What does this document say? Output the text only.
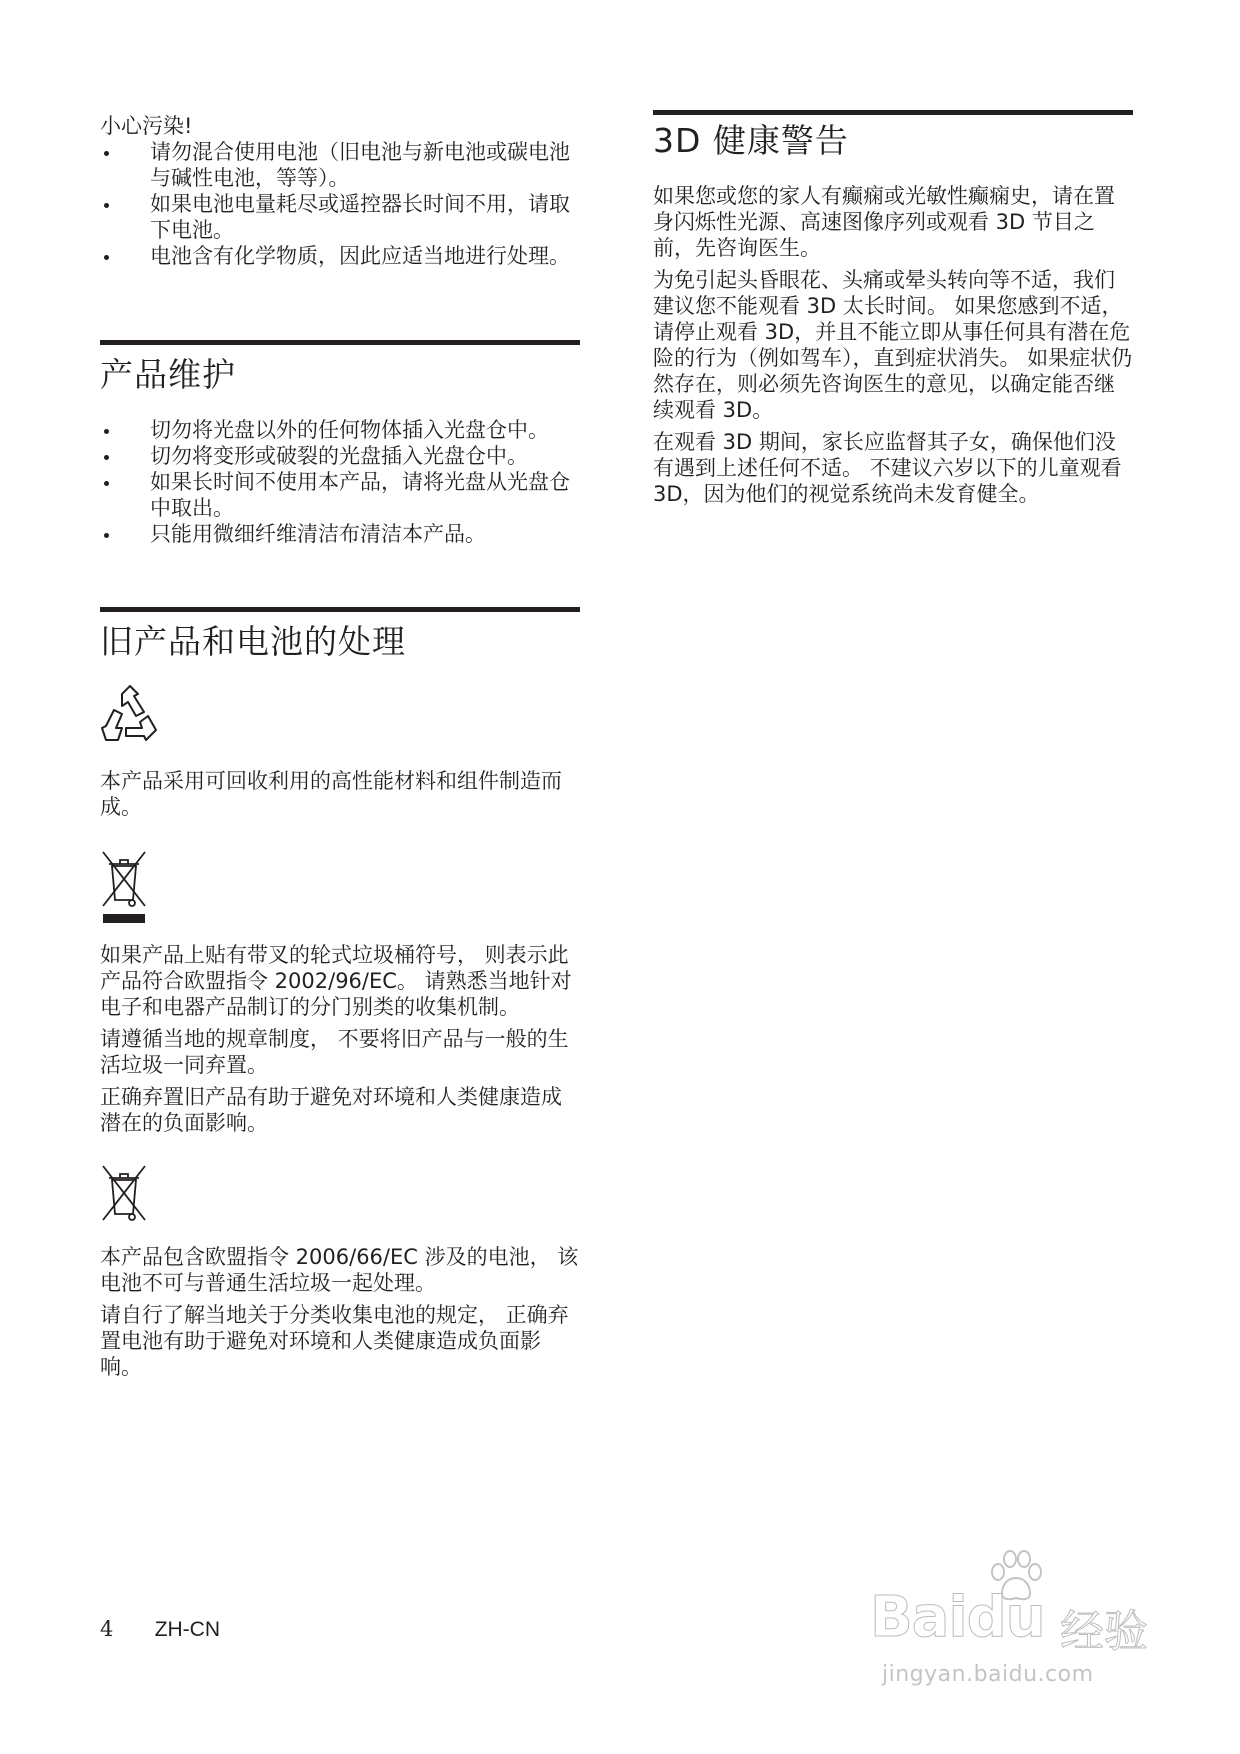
小心污染!

请勿混合使用电池（旧电池与新电池或碳电池与碱性电池，等等）。
如果电池电量耗尽或遥控器长时间不用，请取下电池。
电池含有化学物质，因此应适当地进行处理。
产品维护
切勿将光盘以外的任何物体插入光盘仓中。
切勿将变形或破裂的光盘插入光盘仓中。
如果长时间不使用本产品，请将光盘从光盘仓中取出。
只能用微细纤维清洁布清洁本产品。
旧产品和电池的处理

本产品采用可回收利用的高性能材料和组件制造而成。

如果产品上贴有带叉的轮式垃圾桶符号， 则表示此产品符合欧盟指令 2002/96/EC。 请熟悉当地针对电子和电器产品制订的分门别类的收集机制。

请遵循当地的规章制度， 不要将旧产品与一般的生活垃圾一同弃置。

正确弃置旧产品有助于避免对环境和人类健康造成潜在的负面影响。

本产品包含欧盟指令 2006/66/EC 涉及的电池， 该电池不可与普通生活垃圾一起处理。

请自行了解当地关于分类收集电池的规定， 正确弃置电池有助于避免对环境和人类健康造成负面影响。

3D 健康警告

如果您或您的家人有癫痫或光敏性癫痫史，请在置身闪烁性光源、高速图像序列或观看 3D 节目之前，先咨询医生。

为免引起头昏眼花、头痛或晕头转向等不适，我们建议您不能观看 3D 太长时间。 如果您感到不适，请停止观看 3D，并且不能立即从事任何具有潜在危险的行为（例如驾车），直到症状消失。 如果症状仍然存在，则必须先咨询医生的意见，以确定能否继续观看 3D。

在观看 3D 期间，家长应监督其子女，确保他们没有遇到上述任何不适。 不建议六岁以下的儿童观看 3D，因为他们的视觉系统尚未发育健全。

4 ZH-CN	Baidu 经验
jingyan.baidu.com
